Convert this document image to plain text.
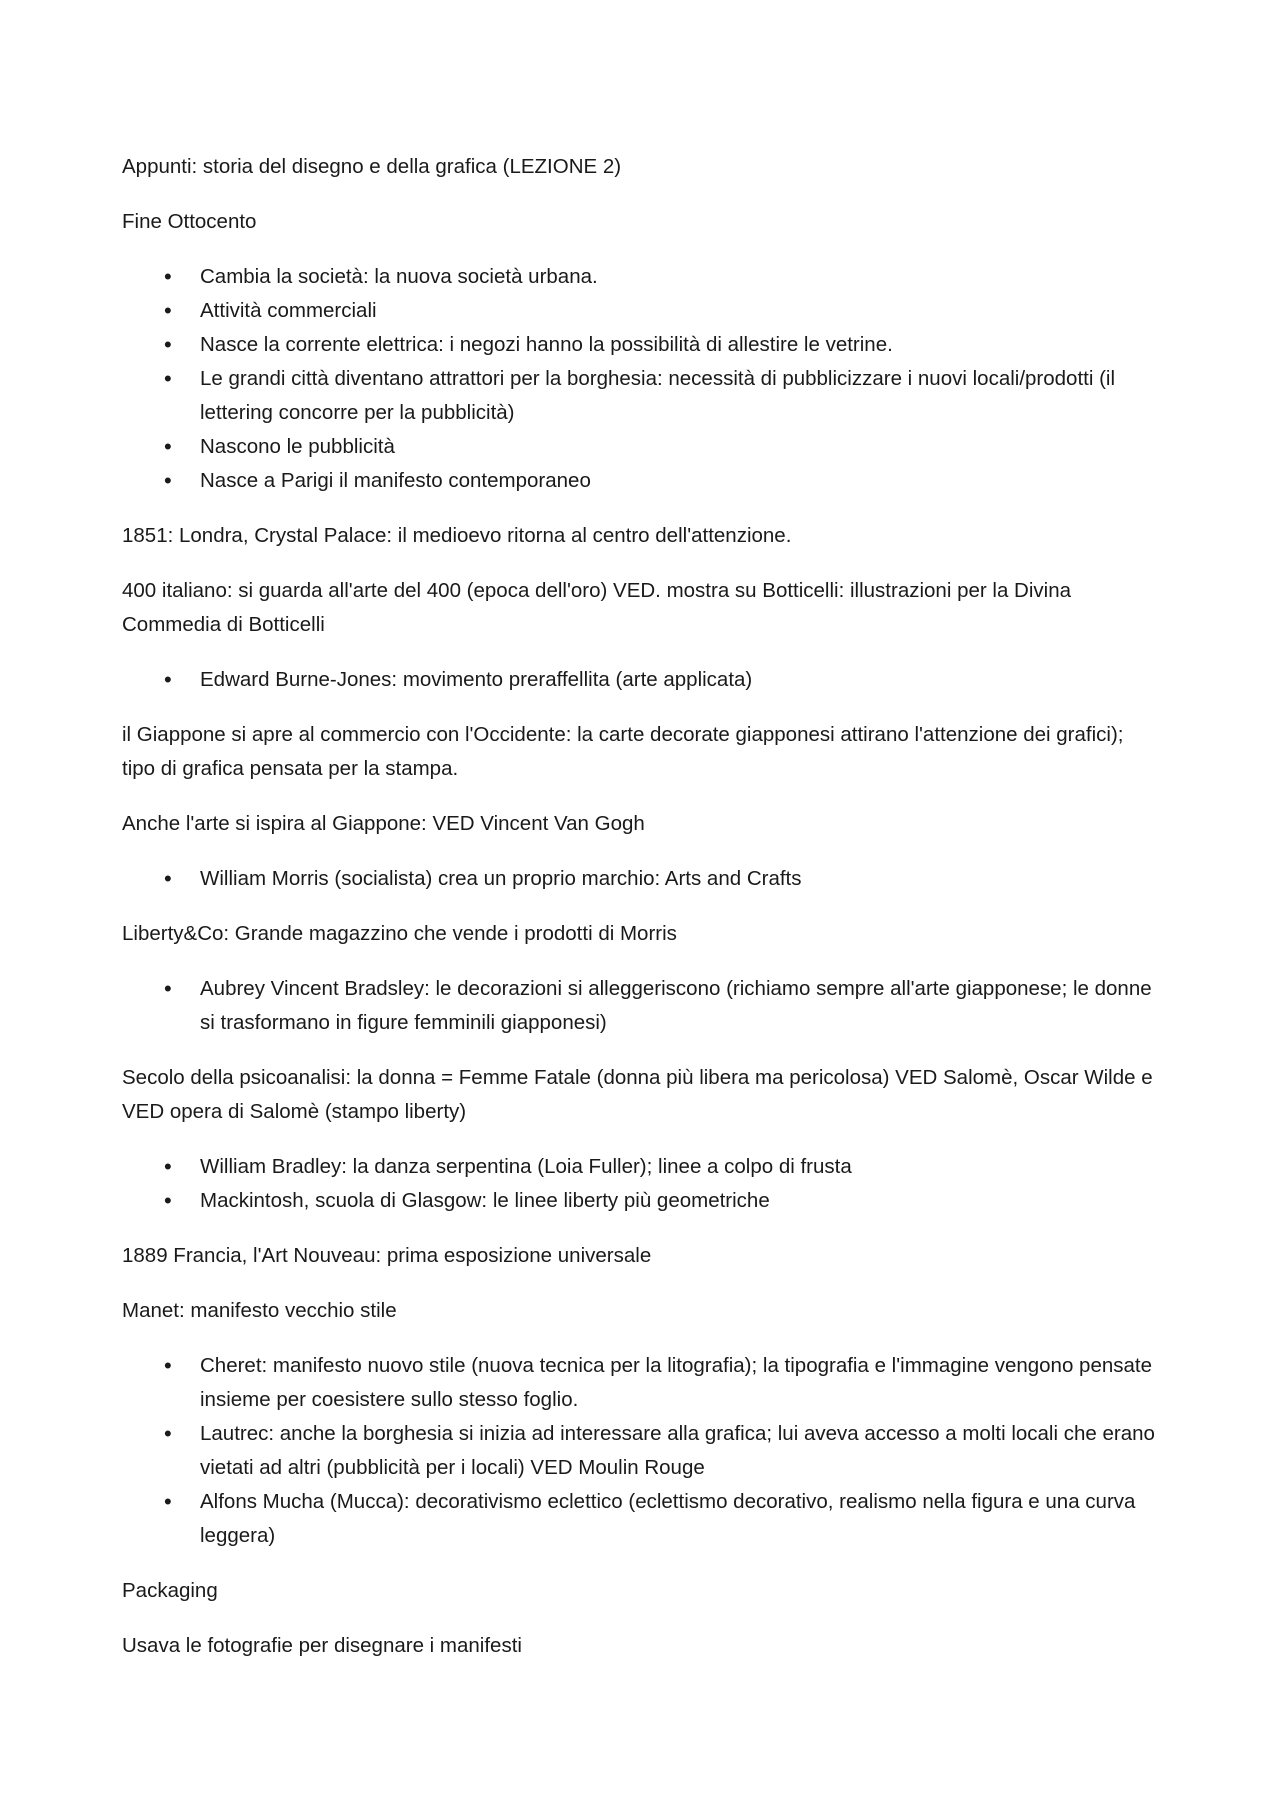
Appunti: storia del disegno e della grafica (LEZIONE 2)

Fine Ottocento

• Cambia la società: la nuova società urbana.
• Attività commerciali
• Nasce la corrente elettrica: i negozi hanno la possibilità di allestire le vetrine.
• Le grandi città diventano attrattori per la borghesia: necessità di pubblicizzare i nuovi locali/prodotti (il lettering concorre per la pubblicità)
• Nascono le pubblicità
• Nasce a Parigi il manifesto contemporaneo

1851: Londra, Crystal Palace: il medioevo ritorna al centro dell'attenzione.

400 italiano: si guarda all'arte del 400 (epoca dell'oro) VED. mostra su Botticelli: illustrazioni per la Divina Commedia di Botticelli

• Edward Burne-Jones: movimento preraffellita (arte applicata)

il Giappone si apre al commercio con l'Occidente: la carte decorate giapponesi attirano l'attenzione dei grafici); tipo di grafica pensata per la stampa.

Anche l'arte si ispira al Giappone: VED Vincent Van Gogh

• William Morris (socialista) crea un proprio marchio: Arts and Crafts

Liberty&Co: Grande magazzino che vende i prodotti di Morris

• Aubrey Vincent Bradsley: le decorazioni si alleggeriscono (richiamo sempre all'arte giapponese; le donne si trasformano in figure femminili giapponesi)

Secolo della psicoanalisi: la donna = Femme Fatale (donna più libera ma pericolosa) VED Salomè, Oscar Wilde e VED opera di Salomè (stampo liberty)

• William Bradley: la danza serpentina (Loia Fuller); linee a colpo di frusta
• Mackintosh, scuola di Glasgow: le linee liberty più geometriche

1889 Francia, l'Art Nouveau: prima esposizione universale

Manet: manifesto vecchio stile

• Cheret: manifesto nuovo stile (nuova tecnica per la litografia); la tipografia e l'immagine vengono pensate insieme per coesistere sullo stesso foglio.
• Lautrec: anche la borghesia si inizia ad interessare alla grafica; lui aveva accesso a molti locali che erano vietati ad altri (pubblicità per i locali) VED Moulin Rouge
• Alfons Mucha (Mucca): decorativismo eclettico (eclettismo decorativo, realismo nella figura e una curva leggera)

Packaging

Usava le fotografie per disegnare i manifesti
